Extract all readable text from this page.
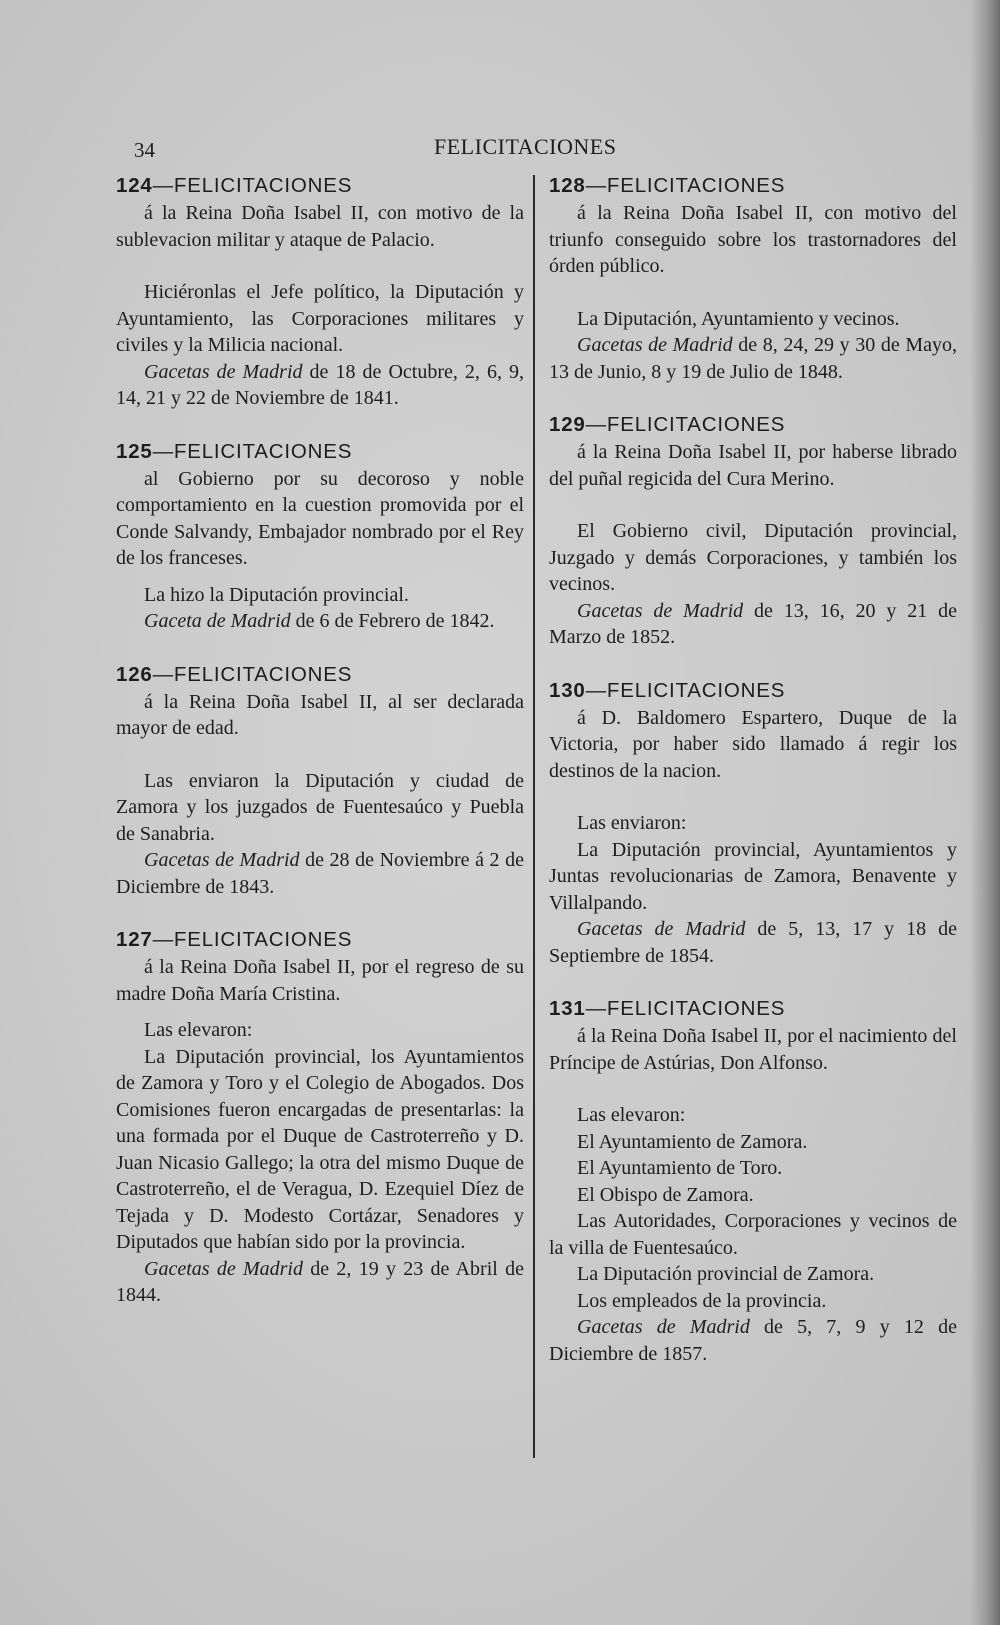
34	FELICITACIONES

124—FELICITACIONES

á la Reina Doña Isabel II, con motivo de la sublevacion militar y ataque de Palacio.

Hiciéronlas el Jefe político, la Diputación y Ayuntamiento, las Corporaciones militares y civiles y la Milicia nacional.

Gacetas de Madrid de 18 de Octubre, 2, 6, 9, 14, 21 y 22 de Noviembre de 1841.

125—FELICITACIONES

al Gobierno por su decoroso y noble comportamiento en la cuestion promovida por el Conde Salvandy, Embajador nombrado por el Rey de los franceses.

La hizo la Diputación provincial.

Gaceta de Madrid de 6 de Febrero de 1842.

126—FELICITACIONES

á la Reina Doña Isabel II, al ser declarada mayor de edad.

Las enviaron la Diputación y ciudad de Zamora y los juzgados de Fuentesaúco y Puebla de Sanabria.

Gacetas de Madrid de 28 de Noviembre á 2 de Diciembre de 1843.

127—FELICITACIONES

á la Reina Doña Isabel II, por el regreso de su madre Doña María Cristina.

Las elevaron:

La Diputación provincial, los Ayuntamientos de Zamora y Toro y el Colegio de Abogados. Dos Comisiones fueron encargadas de presentarlas: la una formada por el Duque de Castroterreño y D. Juan Nicasio Gallego; la otra del mismo Duque de Castroterreño, el de Veragua, D. Ezequiel Díez de Tejada y D. Modesto Cortázar, Senadores y Diputados que habían sido por la provincia.

Gacetas de Madrid de 2, 19 y 23 de Abril de 1844.

128—FELICITACIONES

á la Reina Doña Isabel II, con motivo del triunfo conseguido sobre los trastornadores del órden público.

La Diputación, Ayuntamiento y vecinos.

Gacetas de Madrid de 8, 24, 29 y 30 de Mayo, 13 de Junio, 8 y 19 de Julio de 1848.

129—FELICITACIONES

á la Reina Doña Isabel II, por haberse librado del puñal regicida del Cura Merino.

El Gobierno civil, Diputación provincial, Juzgado y demás Corporaciones, y también los vecinos.

Gacetas de Madrid de 13, 16, 20 y 21 de Marzo de 1852.

130—FELICITACIONES

á D. Baldomero Espartero, Duque de la Victoria, por haber sido llamado á regir los destinos de la nacion.

Las enviaron:

La Diputación provincial, Ayuntamientos y Juntas revolucionarias de Zamora, Benavente y Villalpando.

Gacetas de Madrid de 5, 13, 17 y 18 de Septiembre de 1854.

131—FELICITACIONES

á la Reina Doña Isabel II, por el nacimiento del Príncipe de Astúrias, Don Alfonso.

Las elevaron:

El Ayuntamiento de Zamora.

El Ayuntamiento de Toro.

El Obispo de Zamora.

Las Autoridades, Corporaciones y vecinos de la villa de Fuentesaúco.

La Diputación provincial de Zamora.

Los empleados de la provincia.

Gacetas de Madrid de 5, 7, 9 y 12 de Diciembre de 1857.
